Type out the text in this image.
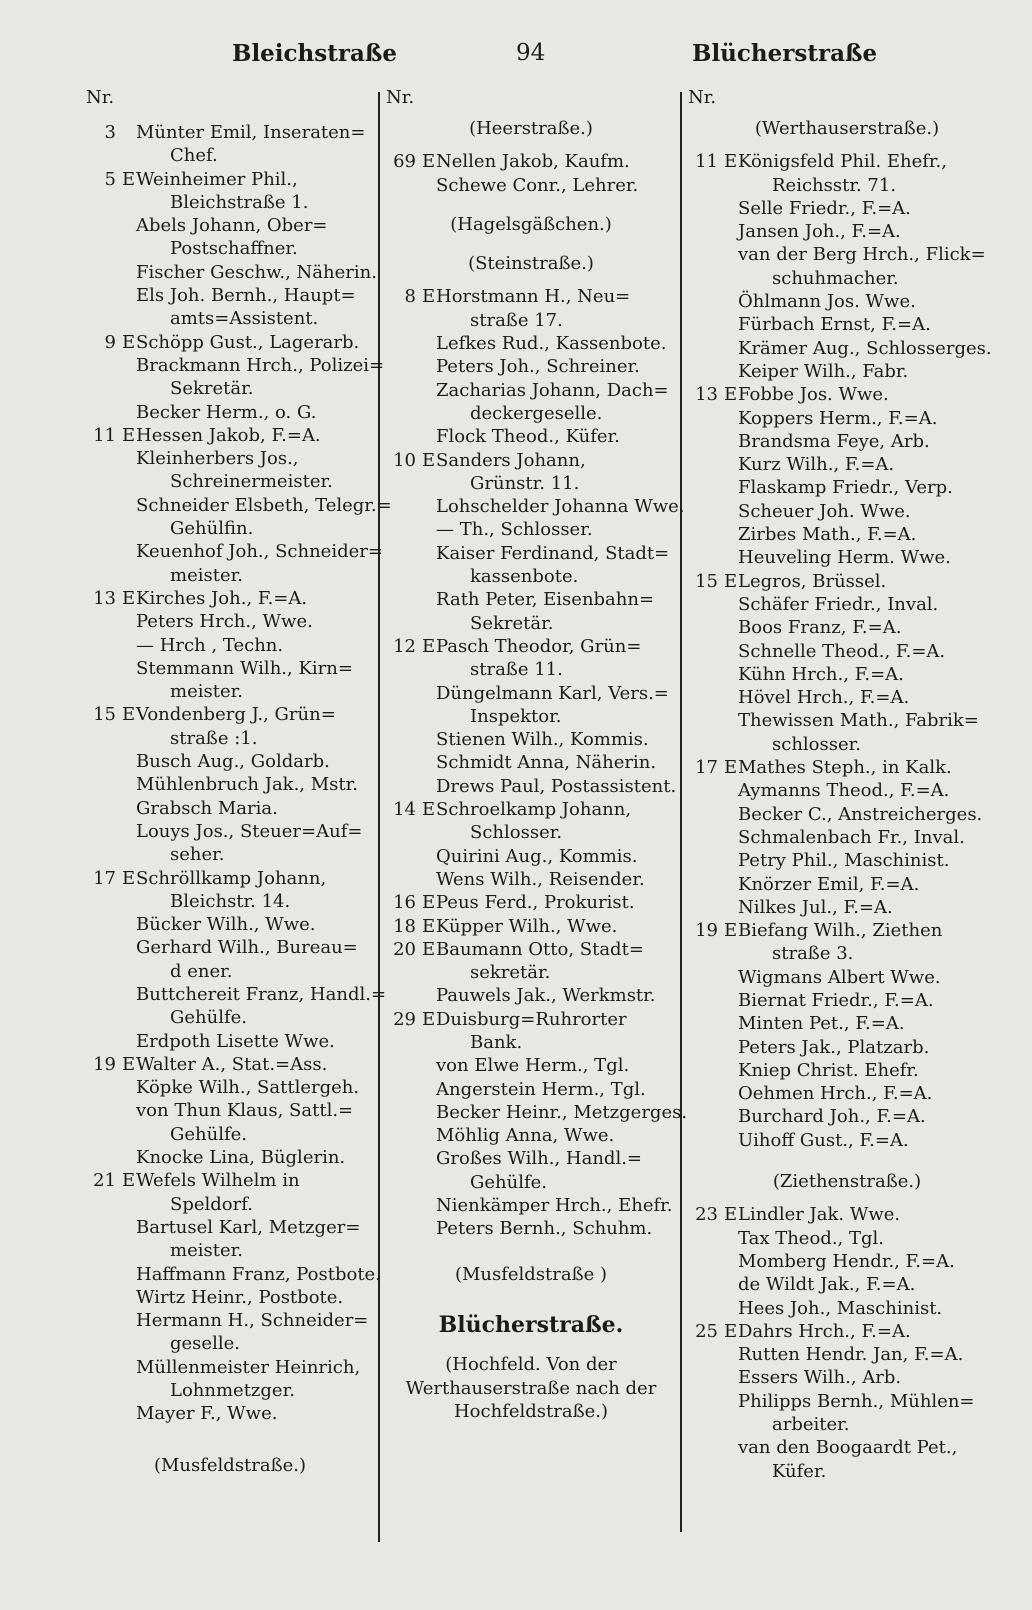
Bleichstraße	94	Blücherstraße
Nr.
3 Münter Emil, Inseraten=
Chef.
5 E Weinheimer Phil.,
Bleichstraße 1.
Abels Johann, Ober=
Postschaffner.
Fischer Geschw., Näherin.
Els Joh. Bernh., Haupt=
amts=Assistent.
9 E Schöpp Gust., Lagerarb.
Brackmann Hrch., Polizei=
Sekretär.
Becker Herm., o. G.
11 E Hessen Jakob, F.=A.
Kleinherbers Jos.,
Schreinermeister.
Schneider Elsbeth, Telegr.=
Gehülfin.
Keuenhof Joh., Schneider=
meister.
13 E Kirches Joh., F.=A.
Peters Hrch., Wwe.
— Hrch , Techn.
Stemmann Wilh., Kirn=
meister.
15 E Vondenberg J., Grün=
straße :1.
Busch Aug., Goldarb.
Mühlenbruch Jak., Mstr.
Grabsch Maria.
Louys Jos., Steuer=Auf=
seher.
17 E Schröllkamp Johann,
Bleichstr. 14.
Bücker Wilh., Wwe.
Gerhard Wilh., Bureau=
d ener.
Buttchereit Franz, Handl.=
Gehülfe.
Erdpoth Lisette Wwe.
19 E Walter A., Stat.=Ass.
Köpke Wilh., Sattlergeh.
von Thun Klaus, Sattl.=
Gehülfe.
Knocke Lina, Büglerin.
21 E Wefels Wilhelm in
Speldorf.
Bartusel Karl, Metzger=
meister.
Haffmann Franz, Postbote.
Wirtz Heinr., Postbote.
Hermann H., Schneider=
geselle.
Müllenmeister Heinrich,
Lohnmetzger.
Mayer F., Wwe.
(Musfeldstraße.)
Nr.
(Heerstraße.)
69 E Nellen Jakob, Kaufm.
Schewe Conr., Lehrer.
(Hagelsgäßchen.)
(Steinstraße.)
8 E Horstmann H., Neu=
straße 17.
Lefkes Rud., Kassenbote.
Peters Joh., Schreiner.
Zacharias Johann, Dach=
deckergeselle.
Flock Theod., Küfer.
10 E Sanders Johann,
Grünstr. 11.
Lohschelder Johanna Wwe.
— Th., Schlosser.
Kaiser Ferdinand, Stadt=
kassenbote.
Rath Peter, Eisenbahn=
Sekretär.
12 E Pasch Theodor, Grün=
straße 11.
Düngelmann Karl, Vers.=
Inspektor.
Stienen Wilh., Kommis.
Schmidt Anna, Näherin.
Drews Paul, Postassistent.
14 E Schroelkamp Johann,
Schlosser.
Quirini Aug., Kommis.
Wens Wilh., Reisender.
16 E Peus Ferd., Prokurist.
18 E Küpper Wilh., Wwe.
20 E Baumann Otto, Stadt=
sekretär.
Pauwels Jak., Werkmstr.
29 E Duisburg=Ruhrorter
Bank.
von Elwe Herm., Tgl.
Angerstein Herm., Tgl.
Becker Heinr., Metzgerges.
Möhlig Anna, Wwe.
Großes Wilh., Handl.=
Gehülfe.
Nienkämper Hrch., Ehefr.
Peters Bernh., Schuhm.
(Musfeldstraße )
Blücherstraße.
(Hochfeld. Von der
Werthauserstraße nach der
Hochfeldstraße.)
Nr.
(Werthauserstraße.)
11 E Königsfeld Phil. Ehefr.,
Reichsstr. 71.
Selle Friedr., F.=A.
Jansen Joh., F.=A.
van der Berg Hrch., Flick=
schuhmacher.
Öhlmann Jos. Wwe.
Fürbach Ernst, F.=A.
Krämer Aug., Schlosserges.
Keiper Wilh., Fabr.
13 E Fobbe Jos. Wwe.
Koppers Herm., F.=A.
Brandsma Feye, Arb.
Kurz Wilh., F.=A.
Flaskamp Friedr., Verp.
Scheuer Joh. Wwe.
Zirbes Math., F.=A.
Heuveling Herm. Wwe.
15 E Legros, Brüssel.
Schäfer Friedr., Inval.
Boos Franz, F.=A.
Schnelle Theod., F.=A.
Kühn Hrch., F.=A.
Hövel Hrch., F.=A.
Thewissen Math., Fabrik=
schlosser.
17 E Mathes Steph., in Kalk.
Aymanns Theod., F.=A.
Becker C., Anstreicherges.
Schmalenbach Fr., Inval.
Petry Phil., Maschinist.
Knörzer Emil, F.=A.
Nilkes Jul., F.=A.
19 E Biefang Wilh., Ziethen
straße 3.
Wigmans Albert Wwe.
Biernat Friedr., F.=A.
Minten Pet., F.=A.
Peters Jak., Platzarb.
Kniep Christ. Ehefr.
Oehmen Hrch., F.=A.
Burchard Joh., F.=A.
Uihoff Gust., F.=A.
(Ziethenstraße.)
23 E Lindler Jak. Wwe.
Tax Theod., Tgl.
Momberg Hendr., F.=A.
de Wildt Jak., F.=A.
Hees Joh., Maschinist.
25 E Dahrs Hrch., F.=A.
Rutten Hendr. Jan, F.=A.
Essers Wilh., Arb.
Philipps Bernh., Mühlen=
arbeiter.
van den Boogaardt Pet.,
Küfer.
